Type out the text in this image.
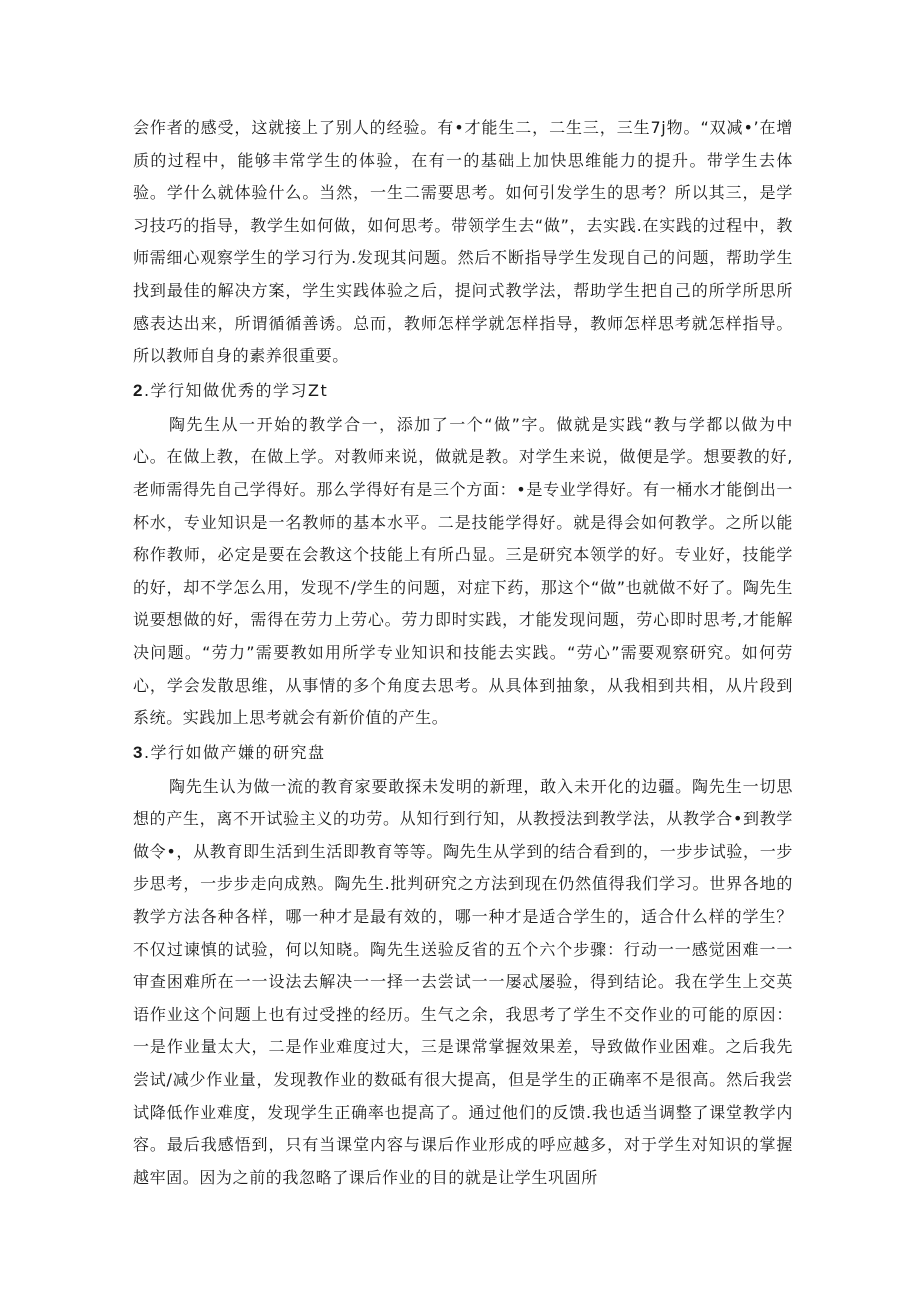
会作者的感受，这就接上了别人的经验。有•才能生二，二生三，三生7j物。“双减•’在增质的过程中，能够丰常学生的体验，在有一的基础上加快思维能力的提升。带学生去体验。学什么就体验什么。当然，一生二需要思考。如何引发学生的思考？所以其三，是学习技巧的指导，教学生如何做，如何思考。带领学生去“做”，去实践.在实践的过程中，教师需细心观察学生的学习行为.发现其问题。然后不断指导学生发现自己的问题，帮助学生找到最佳的解决方案，学生实践体验之后，提问式教学法，帮助学生把自己的所学所思所感表达出来，所谓循循善诱。总而，教师怎样学就怎样指导，教师怎样思考就怎样指导。所以教师自身的素养很重要。

2.学行知做优秀的学习Zt

陶先生从一开始的教学合一，添加了一个“做”字。做就是实践“教与学都以做为中心。在做上教，在做上学。对教师来说，做就是教。对学生来说，做便是学。想要教的好,老师需得先自己学得好。那么学得好有是三个方面：•是专业学得好。有一桶水才能倒出一杯水，专业知识是一名教师的基本水平。二是技能学得好。就是得会如何教学。之所以能称作教师，必定是要在会教这个技能上有所凸显。三是研究本领学的好。专业好，技能学的好，却不学怎么用，发现不/学生的问题，对症下药，那这个“做”也就做不好了。陶先生说要想做的好，需得在劳力上劳心。劳力即时实践，才能发现问题，劳心即时思考,才能解决问题。“劳力”需要教如用所学专业知识和技能去实践。“劳心”需要观察研究。如何劳心，学会发散思维，从事情的多个角度去思考。从具体到抽象，从我相到共相，从片段到系统。实践加上思考就会有新价值的产生。

3.学行如做产嫌的研究盘

陶先生认为做一流的教育家要敢探未发明的新理，敢入未开化的边疆。陶先生一切思想的产生，离不开试验主义的功劳。从知行到行知，从教授法到教学法，从教学合•到教学做令•，从教育即生活到生活即教育等等。陶先生从学到的结合看到的，一步步试验，一步步思考，一步步走向成熟。陶先生.批判研究之方法到现在仍然值得我们学习。世界各地的教学方法各种各样，哪一种才是最有效的，哪一种才是适合学生的，适合什么样的学生？不仅过谏慎的试验，何以知晓。陶先生送验反省的五个六个步骤：行动一一感觉困难一一审查困难所在一一设法去解决一一择一去尝试一一屡忒屡验，得到结论。我在学生上交英语作业这个问题上也有过受挫的经历。生气之余，我思考了学生不交作业的可能的原因：一是作业量太大，二是作业难度过大，三是课常掌握效果差，导致做作业困难。之后我先尝试/减少作业量，发现教作业的数砥有很大提高，但是学生的正确率不是很高。然后我尝试降低作业难度，发现学生正确率也提高了。通过他们的反馈.我也适当调整了课堂教学内容。最后我感悟到，只有当课堂内容与课后作业形成的呼应越多，对于学生对知识的掌握越牢固。因为之前的我忽略了课后作业的目的就是让学生巩固所
